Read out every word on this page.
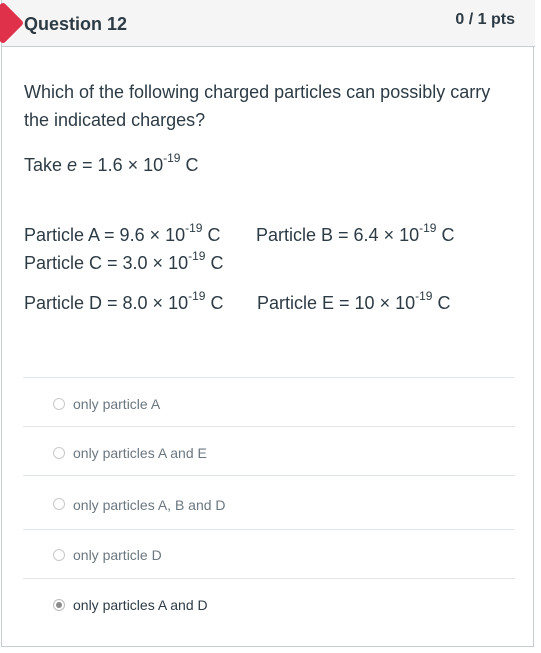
Question 12	0 / 1 pts
Which of the following charged particles can possibly carry the indicated charges?
Take $e = 1.6 \times 10^{-19}$ C
Particle $A = 9.6 \times 10^{-19}$ C Particle $B = 6.4 \times 10^{-19}$ C
Particle $C = 3.0 \times 10^{-19}$ C
Particle $D = 8.0 \times 10^{-19}$ C Particle $E = 10 \times 10^{-19}$ C
only particle A
only particles A and E
only particles A, B and D
only particle D
only particles A and D
